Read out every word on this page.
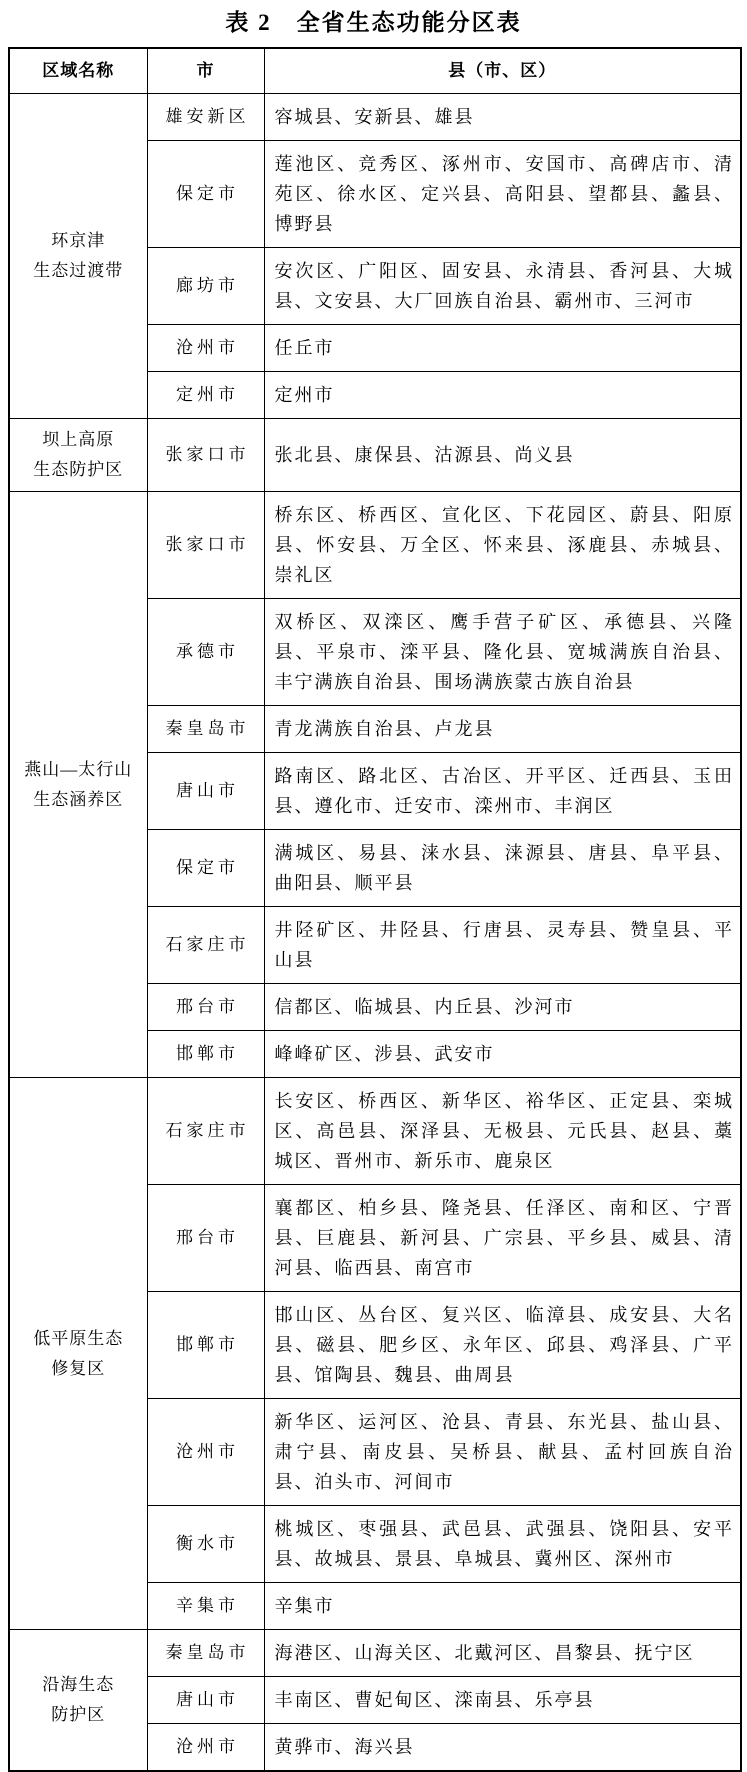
表 2　全省生态功能分区表
区域名称	市	县（市、区）

环京津
生态过渡带	雄安新区	容城县、安新县、雄县
	保定市	莲池区、竞秀区、涿州市、安国市、高碑店市、清苑区、徐水区、定兴县、高阳县、望都县、蠡县、博野县
	廊坊市	安次区、广阳区、固安县、永清县、香河县、大城县、文安县、大厂回族自治县、霸州市、三河市
	沧州市	任丘市
	定州市	定州市

坝上高原
生态防护区	张家口市	张北县、康保县、沽源县、尚义县

燕山—太行山
生态涵养区	张家口市	桥东区、桥西区、宣化区、下花园区、蔚县、阳原县、怀安县、万全区、怀来县、涿鹿县、赤城县、崇礼区
	承德市	双桥区、双滦区、鹰手营子矿区、承德县、兴隆县、平泉市、滦平县、隆化县、宽城满族自治县、丰宁满族自治县、围场满族蒙古族自治县
	秦皇岛市	青龙满族自治县、卢龙县
	唐山市	路南区、路北区、古冶区、开平区、迁西县、玉田县、遵化市、迁安市、滦州市、丰润区
	保定市	满城区、易县、涞水县、涞源县、唐县、阜平县、曲阳县、顺平县
	石家庄市	井陉矿区、井陉县、行唐县、灵寿县、赞皇县、平山县
	邢台市	信都区、临城县、内丘县、沙河市
	邯郸市	峰峰矿区、涉县、武安市

低平原生态
修复区	石家庄市	长安区、桥西区、新华区、裕华区、正定县、栾城区、高邑县、深泽县、无极县、元氏县、赵县、藁城区、晋州市、新乐市、鹿泉区
	邢台市	襄都区、柏乡县、隆尧县、任泽区、南和区、宁晋县、巨鹿县、新河县、广宗县、平乡县、威县、清河县、临西县、南宫市
	邯郸市	邯山区、丛台区、复兴区、临漳县、成安县、大名县、磁县、肥乡区、永年区、邱县、鸡泽县、广平县、馆陶县、魏县、曲周县
	沧州市	新华区、运河区、沧县、青县、东光县、盐山县、肃宁县、南皮县、吴桥县、献县、孟村回族自治县、泊头市、河间市
	衡水市	桃城区、枣强县、武邑县、武强县、饶阳县、安平县、故城县、景县、阜城县、冀州区、深州市
	辛集市	辛集市

沿海生态
防护区	秦皇岛市	海港区、山海关区、北戴河区、昌黎县、抚宁区
	唐山市	丰南区、曹妃甸区、滦南县、乐亭县
	沧州市	黄骅市、海兴县
